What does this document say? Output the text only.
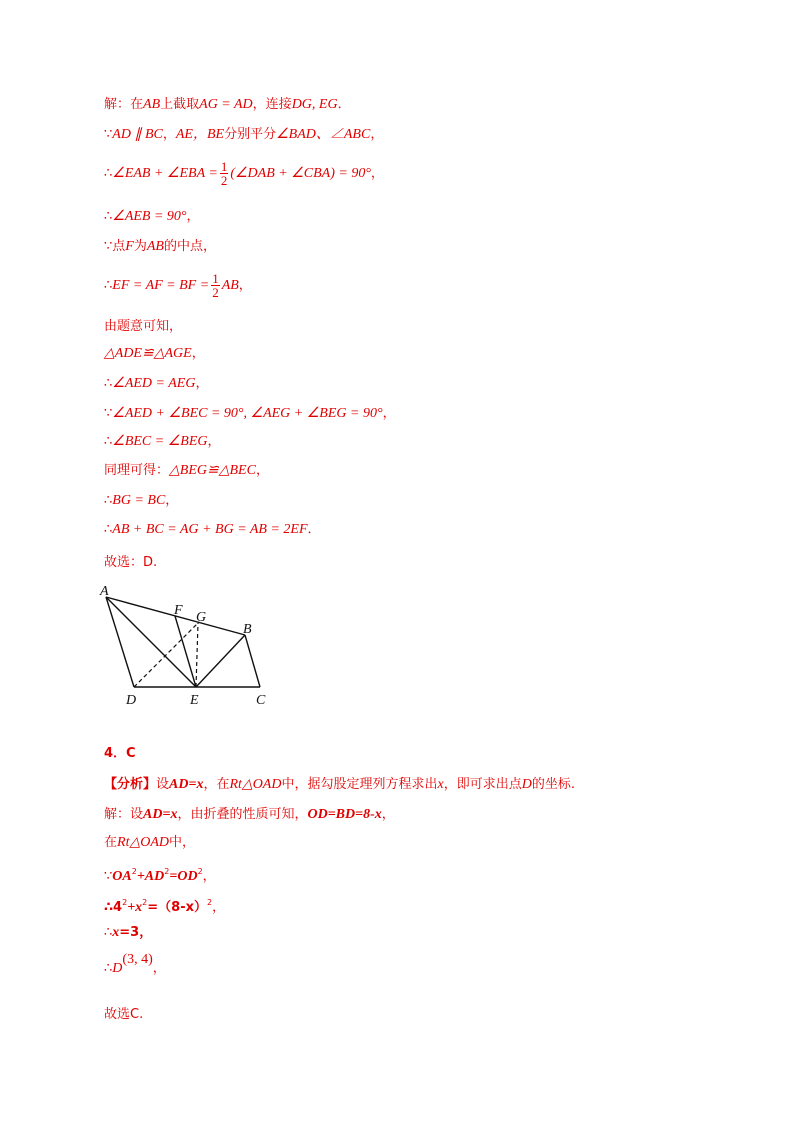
解：在AB上截取AG = AD，连接DG, EG．
∵AD ∥ BC，AE，BE分别平分∠BAD、∠ABC，
∴∠EAB + ∠EBA = $\frac{1}{2}$ (∠DAB + ∠CBA) = 90°，
∴∠AEB = 90°，
∵点F为AB的中点，
∴EF = AF = BF = $\frac{1}{2}$ AB，
由题意可知，
△ADE≌△AGE，
∴∠AED = AEG，
∵∠AED + ∠BEC = 90°, ∠AEG + ∠BEG = 90°，
∴∠BEC = ∠BEG，
同理可得：△BEG≌△BEC，
∴BG = BC，
∴AB + BC = AG + BG = AB = 2EF．
故选：D.
A
F G
B
D	E	C
4．C
【分析】设AD=x，在Rt△OAD中，据勾股定理列方程求出x，即可求出点D的坐标.
解：设AD=x，由折叠的性质可知，OD=BD=8-x，
在Rt△OAD中，
$\because OA^2+AD^2=OD^2$，
$\therefore 4^2+x^2=(8-x)^2$，
∴x=3，
∴D(3, 4)，
故选C.
